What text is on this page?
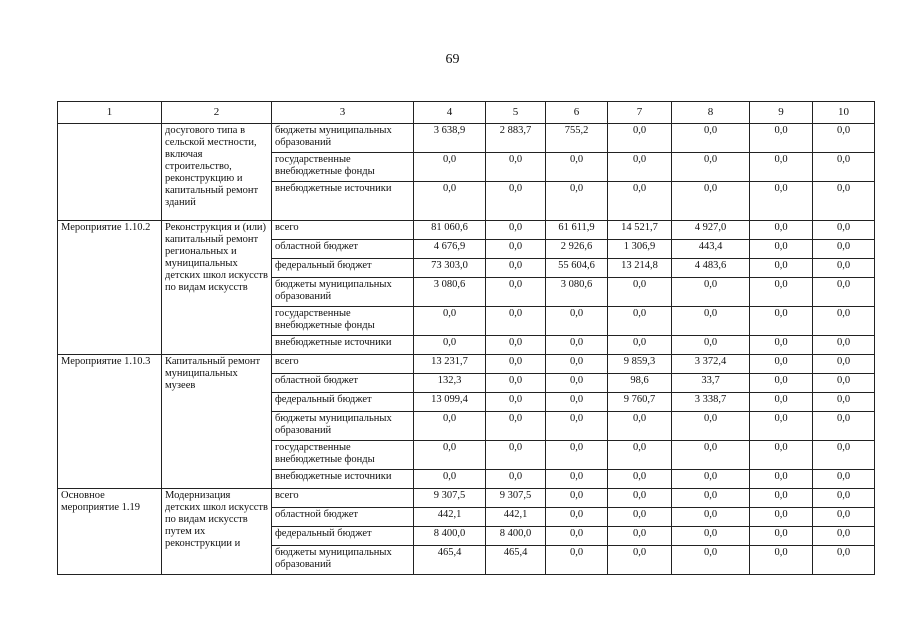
69
1	2	3	4	5	6	7	8	9	10
	досугового типа в сельской местности, включая строительство, реконструкцию и капитальный ремонт зданий	бюджеты муниципальных образований	3 638,9	2 883,7	755,2	0,0	0,0	0,0	0,0
		государственные внебюджетные фонды	0,0	0,0	0,0	0,0	0,0	0,0	0,0
		внебюджетные источники	0,0	0,0	0,0	0,0	0,0	0,0	0,0
Мероприятие 1.10.2	Реконструкция и (или) капитальный ремонт региональных и муниципальных детских школ искусств по видам искусств	всего	81 060,6	0,0	61 611,9	14 521,7	4 927,0	0,0	0,0
		областной бюджет	4 676,9	0,0	2 926,6	1 306,9	443,4	0,0	0,0
		федеральный бюджет	73 303,0	0,0	55 604,6	13 214,8	4 483,6	0,0	0,0
		бюджеты муниципальных образований	3 080,6	0,0	3 080,6	0,0	0,0	0,0	0,0
		государственные внебюджетные фонды	0,0	0,0	0,0	0,0	0,0	0,0	0,0
		внебюджетные источники	0,0	0,0	0,0	0,0	0,0	0,0	0,0
Мероприятие 1.10.3	Капитальный ремонт муниципальных музеев	всего	13 231,7	0,0	0,0	9 859,3	3 372,4	0,0	0,0
		областной бюджет	132,3	0,0	0,0	98,6	33,7	0,0	0,0
		федеральный бюджет	13 099,4	0,0	0,0	9 760,7	3 338,7	0,0	0,0
		бюджеты муниципальных образований	0,0	0,0	0,0	0,0	0,0	0,0	0,0
		государственные внебюджетные фонды	0,0	0,0	0,0	0,0	0,0	0,0	0,0
		внебюджетные источники	0,0	0,0	0,0	0,0	0,0	0,0	0,0
Основное мероприятие 1.19	Модернизация детских школ искусств по видам искусств путем их реконструкции и	всего	9 307,5	9 307,5	0,0	0,0	0,0	0,0	0,0
		областной бюджет	442,1	442,1	0,0	0,0	0,0	0,0	0,0
		федеральный бюджет	8 400,0	8 400,0	0,0	0,0	0,0	0,0	0,0
		бюджеты муниципальных образований	465,4	465,4	0,0	0,0	0,0	0,0	0,0
